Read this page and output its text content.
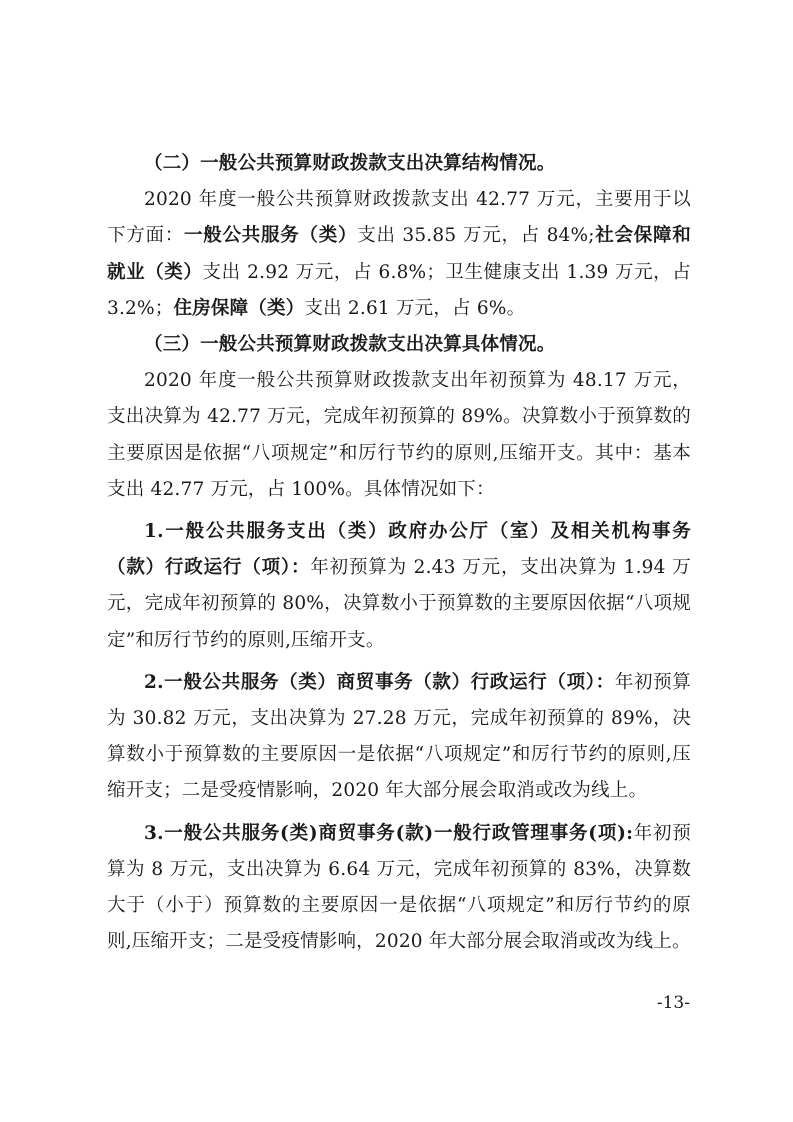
（二）一般公共预算财政拨款支出决算结构情况。

2020 年度一般公共预算财政拨款支出 42.77 万元，主要用于以下方面：一般公共服务（类）支出 35.85 万元，占 84%;社会保障和就业（类）支出 2.92 万元，占 6.8%；卫生健康支出 1.39 万元，占 3.2%；住房保障（类）支出 2.61 万元，占 6%。

（三）一般公共预算财政拨款支出决算具体情况。

2020 年度一般公共预算财政拨款支出年初预算为 48.17 万元，支出决算为 42.77 万元，完成年初预算的 89%。决算数小于预算数的主要原因是依据“八项规定”和厉行节约的原则,压缩开支。其中：基本支出 42.77 万元，占 100%。具体情况如下：

1.一般公共服务支出（类）政府办公厅（室）及相关机构事务（款）行政运行（项）：年初预算为 2.43 万元，支出决算为 1.94 万元，完成年初预算的 80%，决算数小于预算数的主要原因依据“八项规定”和厉行节约的原则,压缩开支。

2.一般公共服务（类）商贸事务（款）行政运行（项）：年初预算为 30.82 万元，支出决算为 27.28 万元，完成年初预算的 89%，决算数小于预算数的主要原因一是依据“八项规定”和厉行节约的原则,压缩开支；二是受疫情影响，2020 年大部分展会取消或改为线上。

3.一般公共服务(类)商贸事务(款)一般行政管理事务(项):年初预算为 8 万元，支出决算为 6.64 万元，完成年初预算的 83%，决算数大于（小于）预算数的主要原因一是依据“八项规定”和厉行节约的原则,压缩开支；二是受疫情影响，2020 年大部分展会取消或改为线上。

-13-
